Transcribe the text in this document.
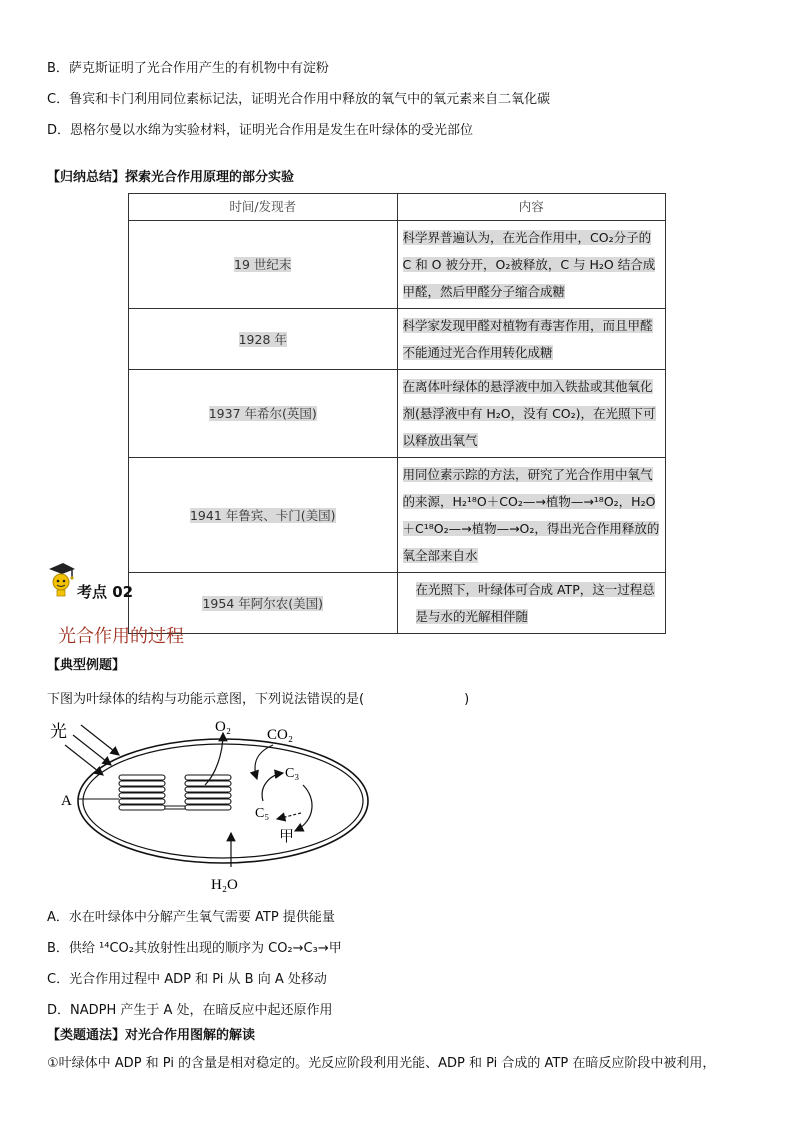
B．萨克斯证明了光合作用产生的有机物中有淀粉
C．鲁宾和卡门利用同位素标记法，证明光合作用中释放的氧气中的氧元素来自二氧化碳
D．恩格尔曼以水绵为实验材料，证明光合作用是发生在叶绿体的受光部位
【归纳总结】探索光合作用原理的部分实验
时间/发现者	内容
19 世纪末	科学界普遍认为，在光合作用中，CO₂分子的 C 和 O 被分开，O₂被释放，C 与 H₂O 结合成甲醛，然后甲醛分子缩合成糖
1928 年	科学家发现甲醛对植物有毒害作用，而且甲醛不能通过光合作用转化成糖
1937 年希尔(英国)	在离体叶绿体的悬浮液中加入铁盐或其他氧化剂(悬浮液中有 H₂O，没有 CO₂)，在光照下可以释放出氧气
1941 年鲁宾、卡门(美国)	用同位素示踪的方法，研究了光合作用中氧气的来源，H₂¹⁸O＋CO₂—→植物—→¹⁸O₂，H₂O＋C¹⁸O₂—→植物—→O₂，得出光合作用释放的氧全部来自水
1954 年阿尔农(美国)	在光照下，叶绿体可合成 ATP，这一过程总是与水的光解相伴随
考点 02
光合作用的过程
【典型例题】
下图为叶绿体的结构与功能示意图，下列说法错误的是(	)
光
A
O₂ CO₂
C₃
C₅
甲
H₂O
A．水在叶绿体中分解产生氧气需要 ATP 提供能量
B．供给 ¹⁴CO₂其放射性出现的顺序为 CO₂→C₃→甲
C．光合作用过程中 ADP 和 Pi 从 B 向 A 处移动
D．NADPH 产生于 A 处，在暗反应中起还原作用
【类题通法】对光合作用图解的解读
①叶绿体中 ADP 和 Pi 的含量是相对稳定的。光反应阶段利用光能、ADP 和 Pi 合成的 ATP 在暗反应阶段中被利用，
